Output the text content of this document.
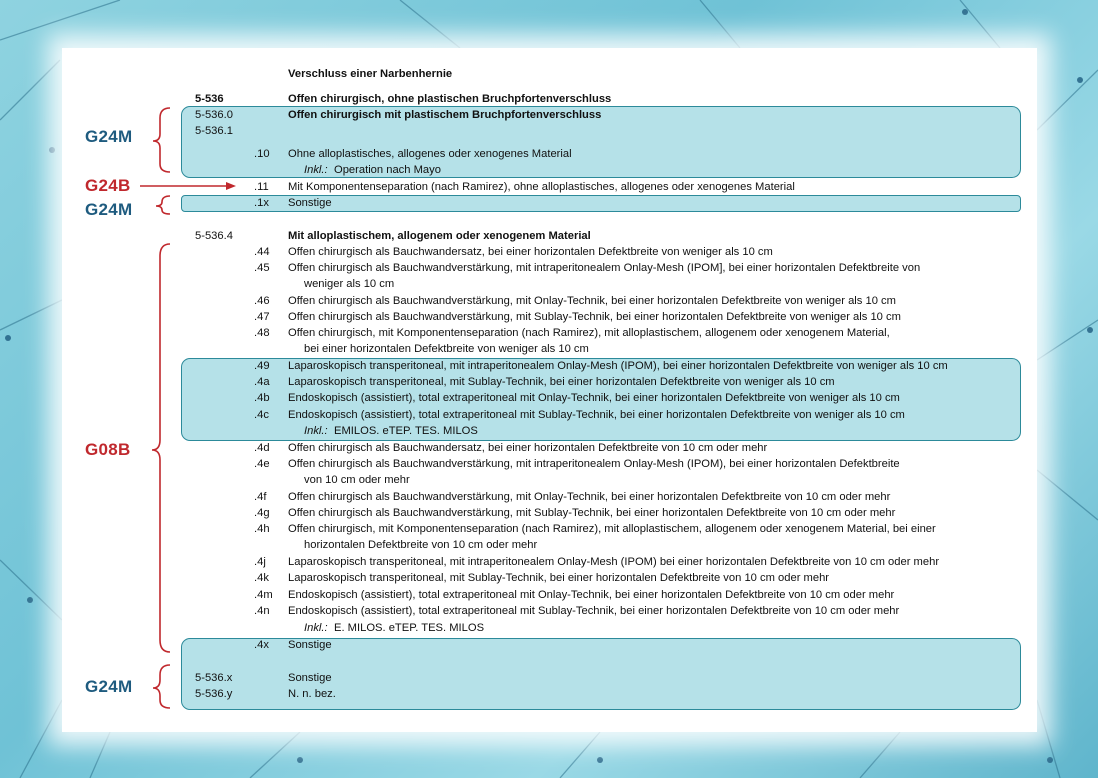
G24M
G24B
G24M
G08B
G24M
Verschluss einer Narbenhernie
5-536	Offen chirurgisch, ohne plastischen Bruchpfortenverschluss
5-536.0	Offen chirurgisch mit plastischem Bruchpfortenverschluss
5-536.1
.10 Ohne alloplastisches, allogenes oder xenogenes Material
Inkl.: Operation nach Mayo
.11 Mit Komponentenseparation (nach Ramirez), ohne alloplastisches, allogenes oder xenogenes Material
.1x Sonstige
5-536.4	Mit alloplastischem, allogenem oder xenogenem Material
.44 Offen chirurgisch als Bauchwandersatz, bei einer horizontalen Defektbreite von weniger als 10 cm
.45 Offen chirurgisch als Bauchwandverstärkung, mit intraperitonealem Onlay-Mesh (IPOM], bei einer horizontalen Defektbreite von
weniger als 10 cm
.46 Offen chirurgisch als Bauchwandverstärkung, mit Onlay-Technik, bei einer horizontalen Defektbreite von weniger als 10 cm
.47 Offen chirurgisch als Bauchwandverstärkung, mit Sublay-Technik, bei einer horizontalen Defektbreite von weniger als 10 cm
.48 Offen chirurgisch, mit Komponentenseparation (nach Ramirez), mit alloplastischem, allogenem oder xenogenem Material,
bei einer horizontalen Defektbreite von weniger als 10 cm
.49 Laparoskopisch transperitoneal, mit intraperitonealem Onlay-Mesh (IPOM), bei einer horizontalen Defektbreite von weniger als 10 cm
.4a Laparoskopisch transperitoneal, mit Sublay-Technik, bei einer horizontalen Defektbreite von weniger als 10 cm
.4b Endoskopisch (assistiert), total extraperitoneal mit Onlay-Technik, bei einer horizontalen Defektbreite von weniger als 10 cm
.4c Endoskopisch (assistiert), total extraperitoneal mit Sublay-Technik, bei einer horizontalen Defektbreite von weniger als 10 cm
Inkl.: EMILOS. eTEP. TES. MILOS
.4d Offen chirurgisch als Bauchwandersatz, bei einer horizontalen Defektbreite von 10 cm oder mehr
.4e Offen chirurgisch als Bauchwandverstärkung, mit intraperitonealem Onlay-Mesh (IPOM), bei einer horizontalen Defektbreite
von 10 cm oder mehr
.4f Offen chirurgisch als Bauchwandverstärkung, mit Onlay-Technik, bei einer horizontalen Defektbreite von 10 cm oder mehr
.4g Offen chirurgisch als Bauchwandverstärkung, mit Sublay-Technik, bei einer horizontalen Defektbreite von 10 cm oder mehr
.4h Offen chirurgisch, mit Komponentenseparation (nach Ramirez), mit alloplastischem, allogenem oder xenogenem Material, bei einer
horizontalen Defektbreite von 10 cm oder mehr
.4j Laparoskopisch transperitoneal, mit intraperitonealem Onlay-Mesh (IPOM) bei einer horizontalen Defektbreite von 10 cm oder mehr
.4k Laparoskopisch transperitoneal, mit Sublay-Technik, bei einer horizontalen Defektbreite von 10 cm oder mehr
.4m Endoskopisch (assistiert), total extraperitoneal mit Onlay-Technik, bei einer horizontalen Defektbreite von 10 cm oder mehr
.4n Endoskopisch (assistiert), total extraperitoneal mit Sublay-Technik, bei einer horizontalen Defektbreite von 10 cm oder mehr
Inkl.: E. MILOS. eTEP. TES. MILOS
.4x Sonstige
5-536.x	Sonstige
5-536.y	N. n. bez.
